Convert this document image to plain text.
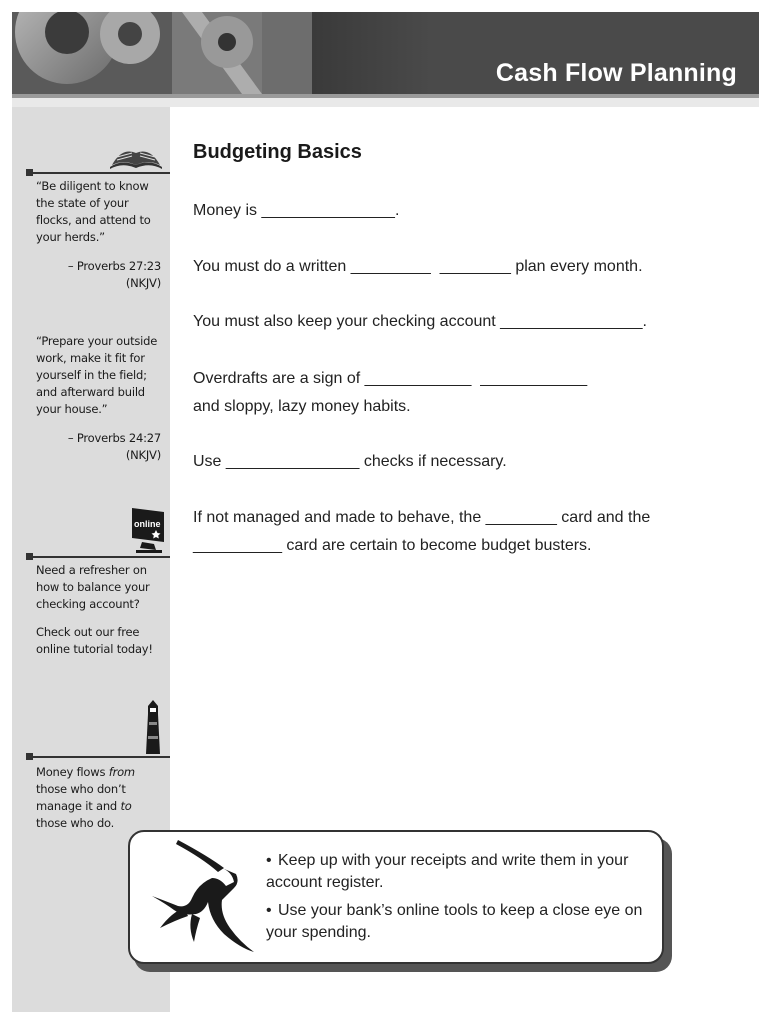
Cash Flow Planning
“Be diligent to know the state of your flocks, and attend to your herds.”
– Proverbs 27:23
(NKJV)
“Prepare your outside work, make it fit for yourself in the field; and afterward build your house.”
– Proverbs 24:27
(NKJV)
online
Need a refresher on how to balance your checking account?
Check out our free online tutorial today!
Money flows from those who don’t manage it and to those who do.
Budgeting Basics
Money is _______________.
You must do a written _________  ________ plan every month.
You must also keep your checking account ________________.
Overdrafts are a sign of ____________  ____________
and sloppy, lazy money habits.
Use _______________ checks if necessary.
If not managed and made to behave, the ________ card and the
__________ card are certain to become budget busters.
• Keep up with your receipts and write them in your account register.
• Use your bank’s online tools to keep a close eye on your spending.
